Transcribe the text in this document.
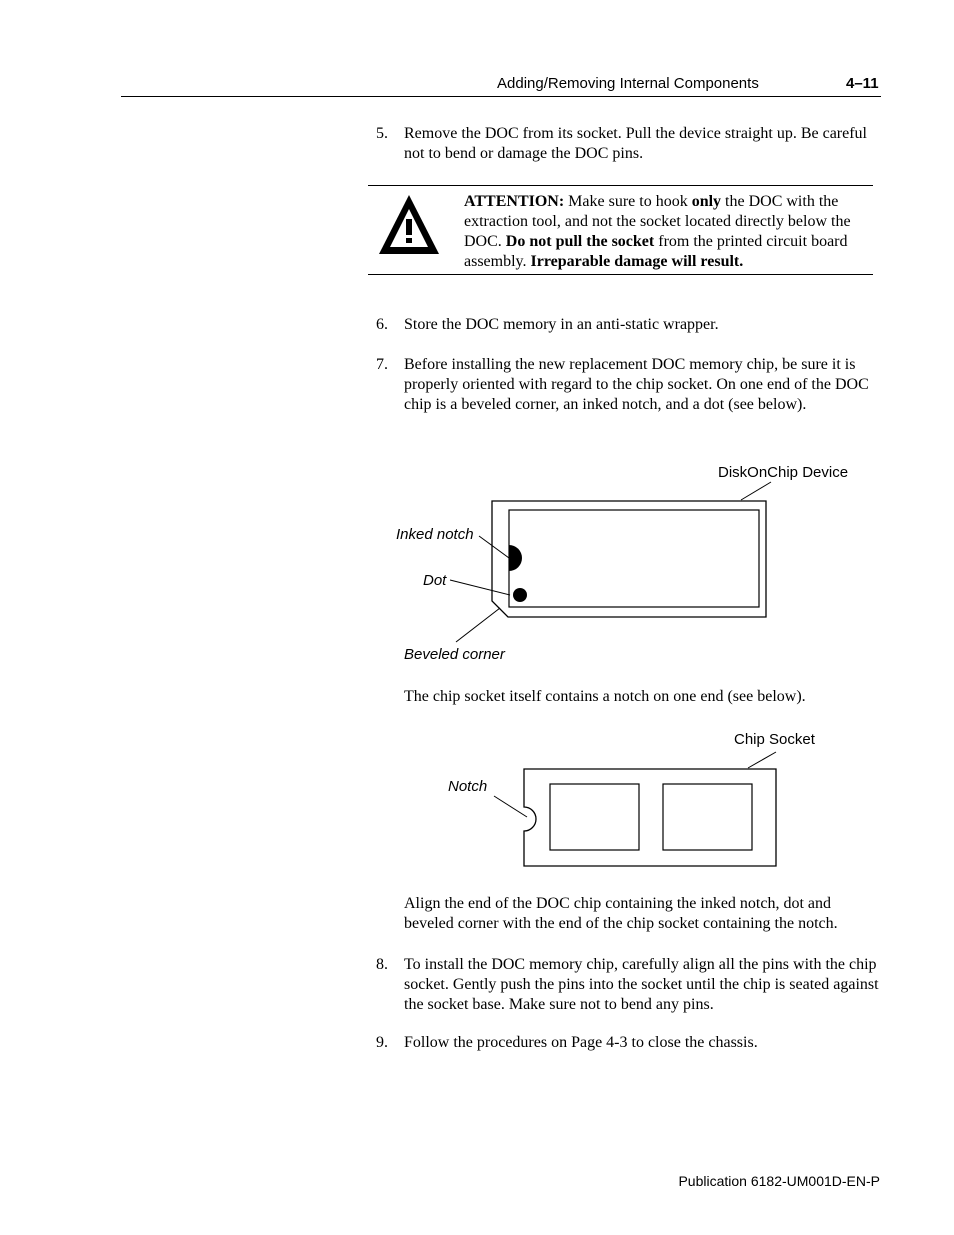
Adding/Removing Internal Components	4–11
5. Remove the DOC from its socket. Pull the device straight up. Be careful not to bend or damage the DOC pins.
ATTENTION: Make sure to hook only the DOC with the extraction tool, and not the socket located directly below the DOC. Do not pull the socket from the printed circuit board assembly. Irreparable damage will result.
6. Store the DOC memory in an anti-static wrapper.
7. Before installing the new replacement DOC memory chip, be sure it is properly oriented with regard to the chip socket. On one end of the DOC chip is a beveled corner, an inked notch, and a dot (see below).
DiskOnChip Device
Inked notch
Dot
Beveled corner
The chip socket itself contains a notch on one end (see below).
Chip Socket
Notch
Align the end of the DOC chip containing the inked notch, dot and beveled corner with the end of the chip socket containing the notch.
8. To install the DOC memory chip, carefully align all the pins with the chip socket. Gently push the pins into the socket until the chip is seated against the socket base. Make sure not to bend any pins.
9. Follow the procedures on Page 4-3 to close the chassis.
Publication 6182-UM001D-EN-P
